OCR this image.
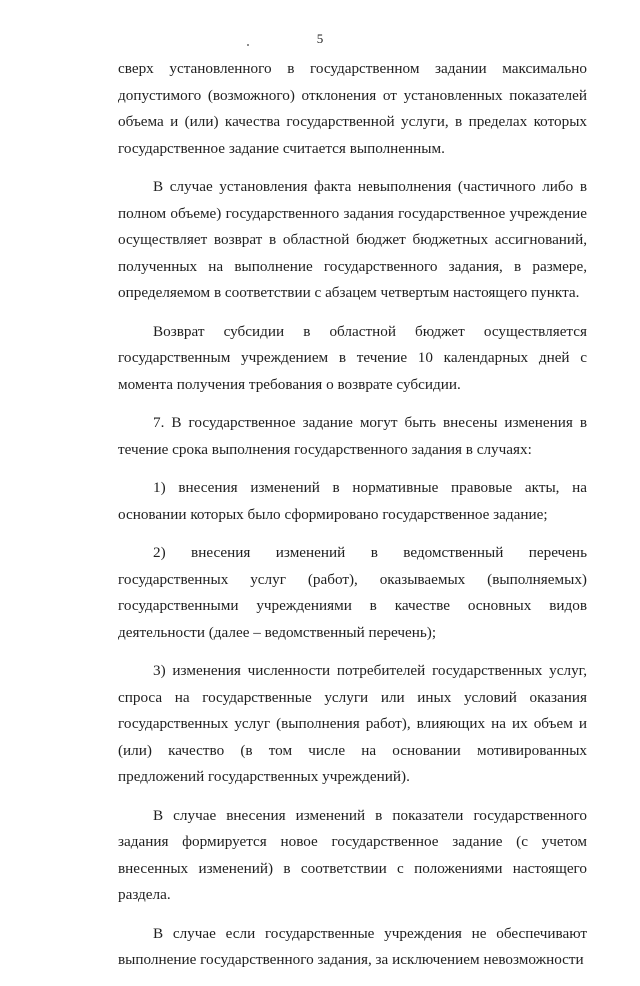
5

сверх установленного в государственном задании максимально допустимого (возможного) отклонения от установленных показателей объема и (или) качества государственной услуги, в пределах которых государственное задание считается выполненным.

В случае установления факта невыполнения (частичного либо в полном объеме) государственного задания государственное учреждение осуществляет возврат в областной бюджет бюджетных ассигнований, полученных на выполнение государственного задания, в размере, определяемом в соответствии с абзацем четвертым настоящего пункта.

Возврат субсидии в областной бюджет осуществляется государственным учреждением в течение 10 календарных дней с момента получения требования о возврате субсидии.

7. В государственное задание могут быть внесены изменения в течение срока выполнения государственного задания в случаях:

1) внесения изменений в нормативные правовые акты, на основании которых было сформировано государственное задание;

2) внесения изменений в ведомственный перечень государственных услуг (работ), оказываемых (выполняемых) государственными учреждениями в качестве основных видов деятельности (далее – ведомственный перечень);

3) изменения численности потребителей государственных услуг, спроса на государственные услуги или иных условий оказания государственных услуг (выполнения работ), влияющих на их объем и (или) качество (в том числе на основании мотивированных предложений государственных учреждений).

В случае внесения изменений в показатели государственного задания формируется новое государственное задание (с учетом внесенных изменений) в соответствии с положениями настоящего раздела.

В случае если государственные учреждения не обеспечивают выполнение государственного задания, за исключением невозможности
